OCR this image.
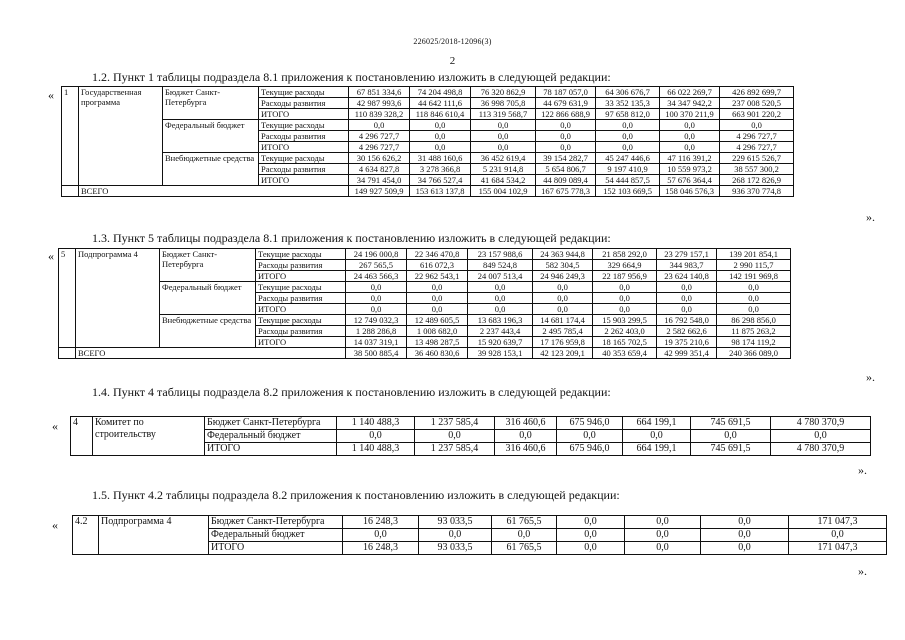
226025/2018-12096(3)
2
1.2. Пункт 1 таблицы подраздела 8.1 приложения к постановлению изложить в следующей редакции:
« 1	Государственная программа	Бюджет Санкт-Петербурга	Текущие расходы	67 851 334,6	74 204 498,8	76 320 862,9	78 187 057,0	64 306 676,7	66 022 269,7	426 892 699,7
			Расходы развития	42 987 993,6	44 642 111,6	36 998 705,8	44 679 631,9	33 352 135,3	34 347 942,2	237 008 520,5
			ИТОГО	110 839 328,2	118 846 610,4	113 319 568,7	122 866 688,9	97 658 812,0	100 370 211,9	663 901 220,2
		Федеральный бюджет	Текущие расходы	0,0	0,0	0,0	0,0	0,0	0,0	0,0
			Расходы развития	4 296 727,7	0,0	0,0	0,0	0,0	0,0	4 296 727,7
			ИТОГО	4 296 727,7	0,0	0,0	0,0	0,0	0,0	4 296 727,7
		Внебюджетные средства	Текущие расходы	30 156 626,2	31 488 160,6	36 452 619,4	39 154 282,7	45 247 446,6	47 116 391,2	229 615 526,7
			Расходы развития	4 634 827,8	3 278 366,8	5 231 914,8	5 654 806,7	9 197 410,9	10 559 973,2	38 557 300,2
			ИТОГО	34 791 454,0	34 766 527,4	41 684 534,2	44 809 089,4	54 444 857,5	57 676 364,4	268 172 826,9
	ВСЕГО			149 927 509,9	153 613 137,8	155 004 102,9	167 675 778,3	152 103 669,5	158 046 576,3	936 370 774,8
».
1.3. Пункт 5 таблицы подраздела 8.1 приложения к постановлению изложить в следующей редакции:
« 5	Подпрограмма 4	Бюджет Санкт-Петербурга	Текущие расходы	24 196 000,8	22 346 470,8	23 157 988,6	24 363 944,8	21 858 292,0	23 279 157,1	139 201 854,1
			Расходы развития	267 565,5	616 072,3	849 524,8	582 304,5	329 664,9	344 983,7	2 990 115,7
			ИТОГО	24 463 566,3	22 962 543,1	24 007 513,4	24 946 249,3	22 187 956,9	23 624 140,8	142 191 969,8
		Федеральный бюджет	Текущие расходы	0,0	0,0	0,0	0,0	0,0	0,0	0,0
			Расходы развития	0,0	0,0	0,0	0,0	0,0	0,0	0,0
			ИТОГО	0,0	0,0	0,0	0,0	0,0	0,0	0,0
		Внебюджетные средства	Текущие расходы	12 749 032,3	12 489 605,5	13 683 196,3	14 681 174,4	15 903 299,5	16 792 548,0	86 298 856,0
			Расходы развития	1 288 286,8	1 008 682,0	2 237 443,4	2 495 785,4	2 262 403,0	2 582 662,6	11 875 263,2
			ИТОГО	14 037 319,1	13 498 287,5	15 920 639,7	17 176 959,8	18 165 702,5	19 375 210,6	98 174 119,2
	ВСЕГО			38 500 885,4	36 460 830,6	39 928 153,1	42 123 209,1	40 353 659,4	42 999 351,4	240 366 089,0
».
1.4. Пункт 4 таблицы подраздела 8.2 приложения к постановлению изложить в следующей редакции:
« 4	Комитет по строительству	Бюджет Санкт-Петербурга	1 140 488,3	1 237 585,4	316 460,6	675 946,0	664 199,1	745 691,5	4 780 370,9
		Федеральный бюджет	0,0	0,0	0,0	0,0	0,0	0,0	0,0
		ИТОГО	1 140 488,3	1 237 585,4	316 460,6	675 946,0	664 199,1	745 691,5	4 780 370,9
».
1.5. Пункт 4.2 таблицы подраздела 8.2 приложения к постановлению изложить в следующей редакции:
« 4.2	Подпрограмма 4	Бюджет Санкт-Петербурга	16 248,3	93 033,5	61 765,5	0,0	0,0	0,0	171 047,3
		Федеральный бюджет	0,0	0,0	0,0	0,0	0,0	0,0	0,0
		ИТОГО	16 248,3	93 033,5	61 765,5	0,0	0,0	0,0	171 047,3
».
